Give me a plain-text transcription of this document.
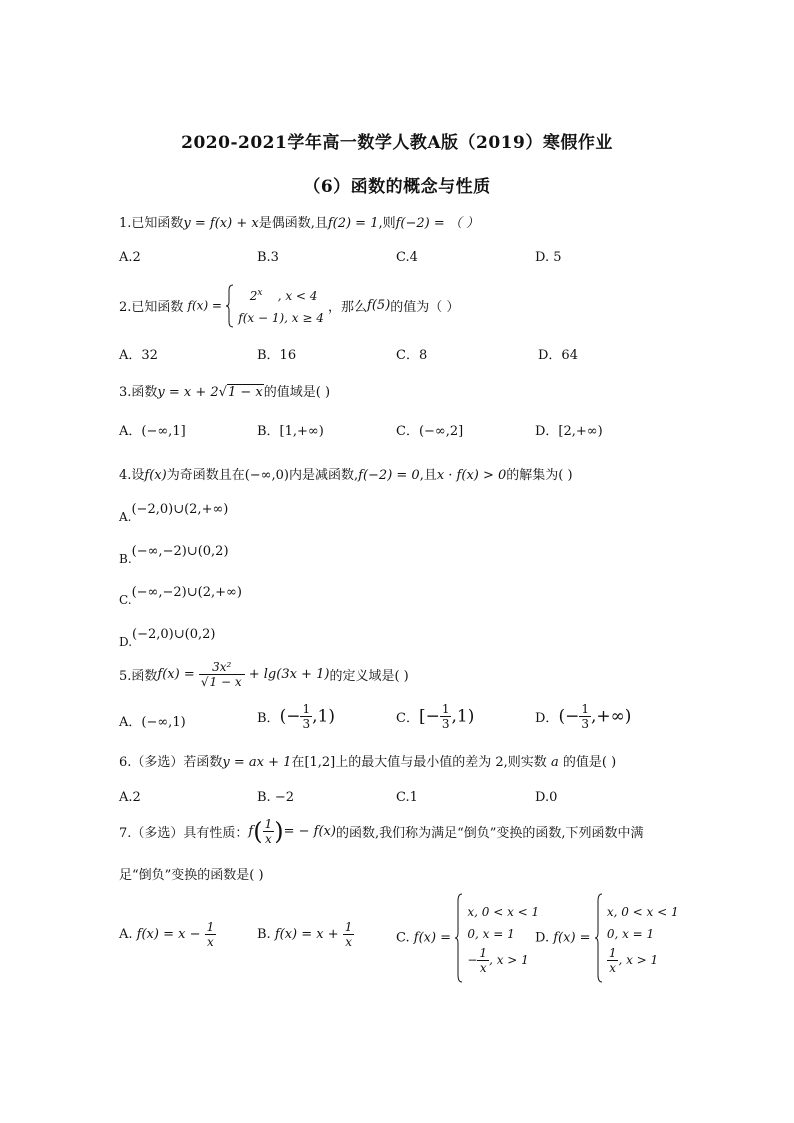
2020-2021学年高一数学人教A版（2019）寒假作业
（6）函数的概念与性质
1.已知函数y = f(x) + x是偶函数,且f(2) = 1,则f(−2) = （ ）
A.2	B.3	C.4	D. 5
2.已知函数 f(x) =
2$^x$ , x < 4
f(x − 1), x ≥ 4
，那么f(5)的值为（ ）
A．32	B．16	C．8	D．64
3.函数y = x + 2√1 − x的值域是( )
A．(−∞,1]	B．[1,+∞)	C．(−∞,2]	D．[2,+∞)
4.设f(x)为奇函数且在(−∞,0)内是减函数,f(−2) = 0,且x · f(x) > 0的解集为( )
A.(−2,0)∪(2,+∞)
B.(−∞,−2)∪(0,2)
C.(−∞,−2)∪(2,+∞)
D.(−2,0)∪(0,2)
5.函数$f(x) = \frac{\text{3x²}}{√1 - x} + \lg(3x + 1)$的定义域是( )
A．(−∞,1)	B．(− $\frac{1}{3} ,1$)	C．[− $\frac{1}{3} ,1$)	D．(− $\frac{1}{3}$ ,+∞)
6.（多选）若函数y = ax + 1在[1,2]上的最大值与最小值的差为 2,则实数 a 的值是( )
A.2	B. −2	C.1	D.0
7.（多选）具有性质：$f( \frac{1}{x}$ )= − f(x)的函数,我们称为满足“倒负”变换的函数,下列函数中满
足“倒负”变换的函数是( )
A. $f(x) = x - \frac{1}{x}$	B. $f(x) = x + \frac{1}{x}$	C. f(x) =
x, 0 < x < 1
0, x = 1
− $\frac{1}{x}$ , x > 1
D. f(x) =
x, 0 < x < 1
0, x = 1
$\frac{1}{x}$ , x > 1
